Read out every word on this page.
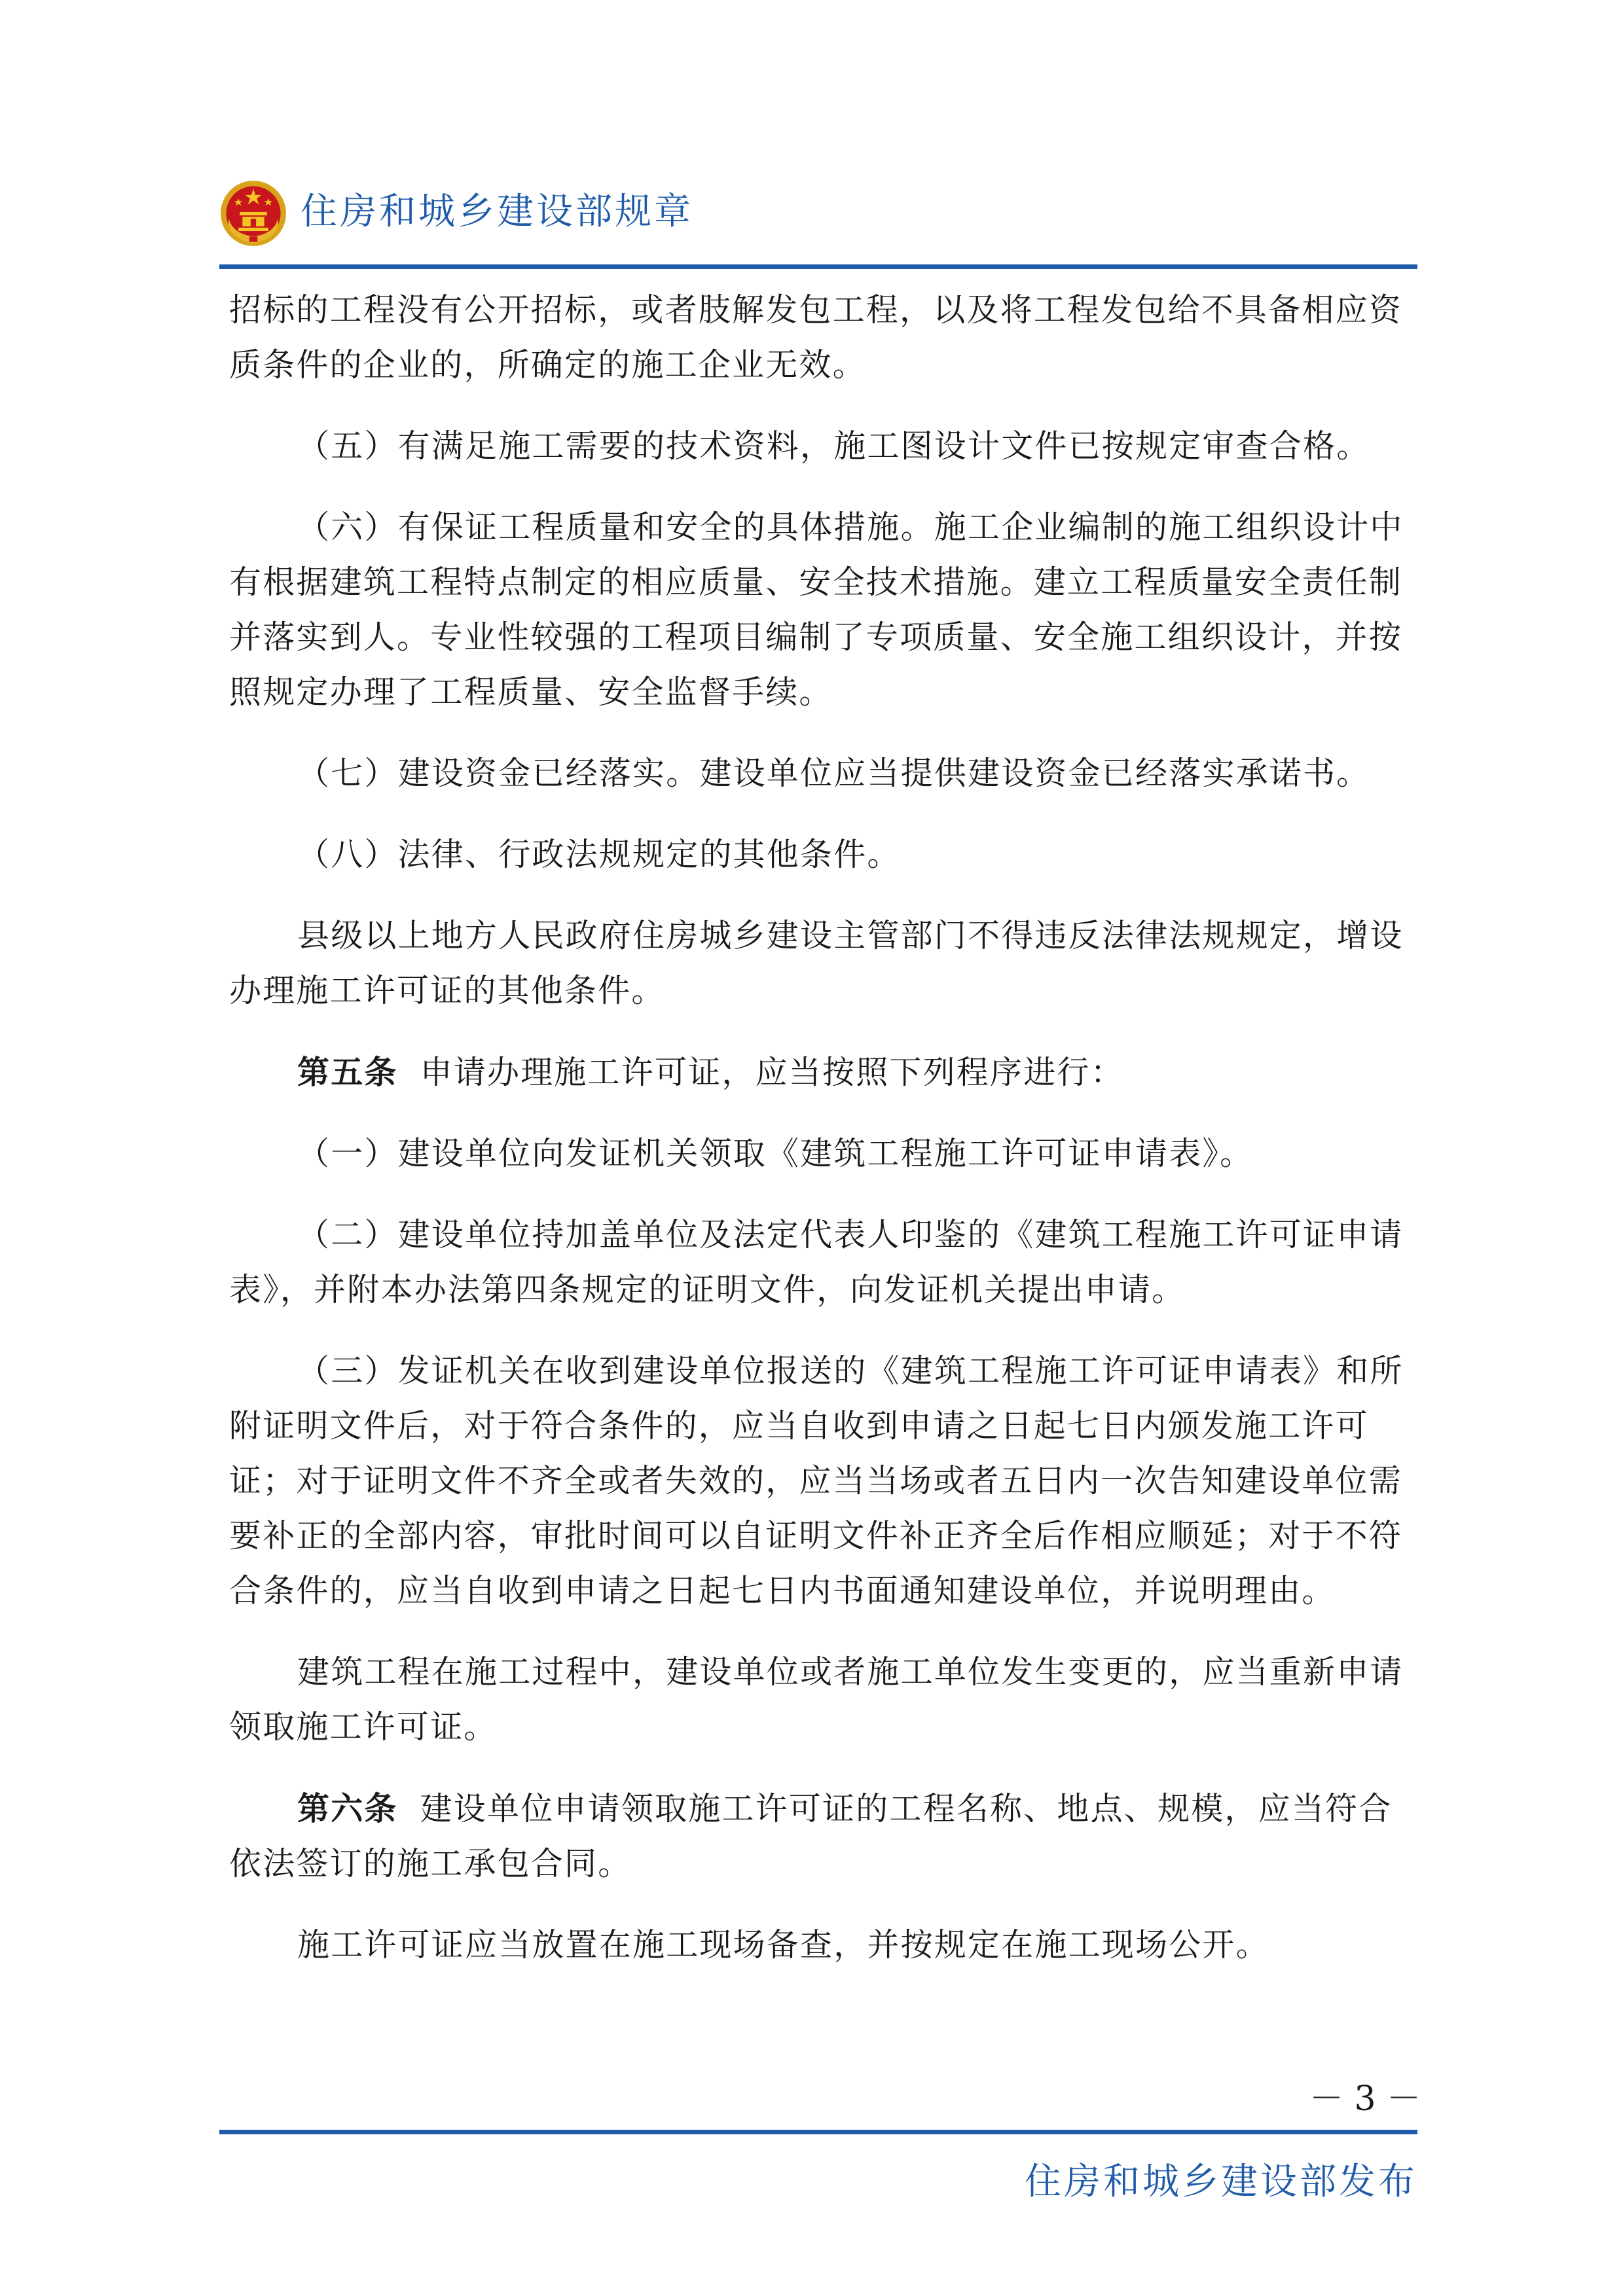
住房和城乡建设部规章

招标的工程没有公开招标，或者肢解发包工程，以及将工程发包给不具备相应资质条件的企业的，所确定的施工企业无效。

（五）有满足施工需要的技术资料，施工图设计文件已按规定审查合格。

（六）有保证工程质量和安全的具体措施。施工企业编制的施工组织设计中有根据建筑工程特点制定的相应质量、安全技术措施。建立工程质量安全责任制并落实到人。专业性较强的工程项目编制了专项质量、安全施工组织设计，并按照规定办理了工程质量、安全监督手续。

（七）建设资金已经落实。建设单位应当提供建设资金已经落实承诺书。

（八）法律、行政法规规定的其他条件。

县级以上地方人民政府住房城乡建设主管部门不得违反法律法规规定，增设办理施工许可证的其他条件。

第五条 申请办理施工许可证，应当按照下列程序进行：

（一）建设单位向发证机关领取《建筑工程施工许可证申请表》。

（二）建设单位持加盖单位及法定代表人印鉴的《建筑工程施工许可证申请表》，并附本办法第四条规定的证明文件，向发证机关提出申请。

（三）发证机关在收到建设单位报送的《建筑工程施工许可证申请表》和所附证明文件后，对于符合条件的，应当自收到申请之日起七日内颁发施工许可证；对于证明文件不齐全或者失效的，应当当场或者五日内一次告知建设单位需要补正的全部内容，审批时间可以自证明文件补正齐全后作相应顺延；对于不符合条件的，应当自收到申请之日起七日内书面通知建设单位，并说明理由。

建筑工程在施工过程中，建设单位或者施工单位发生变更的，应当重新申请领取施工许可证。

第六条 建设单位申请领取施工许可证的工程名称、地点、规模，应当符合依法签订的施工承包合同。

施工许可证应当放置在施工现场备查，并按规定在施工现场公开。

－ 3 －
住房和城乡建设部发布
